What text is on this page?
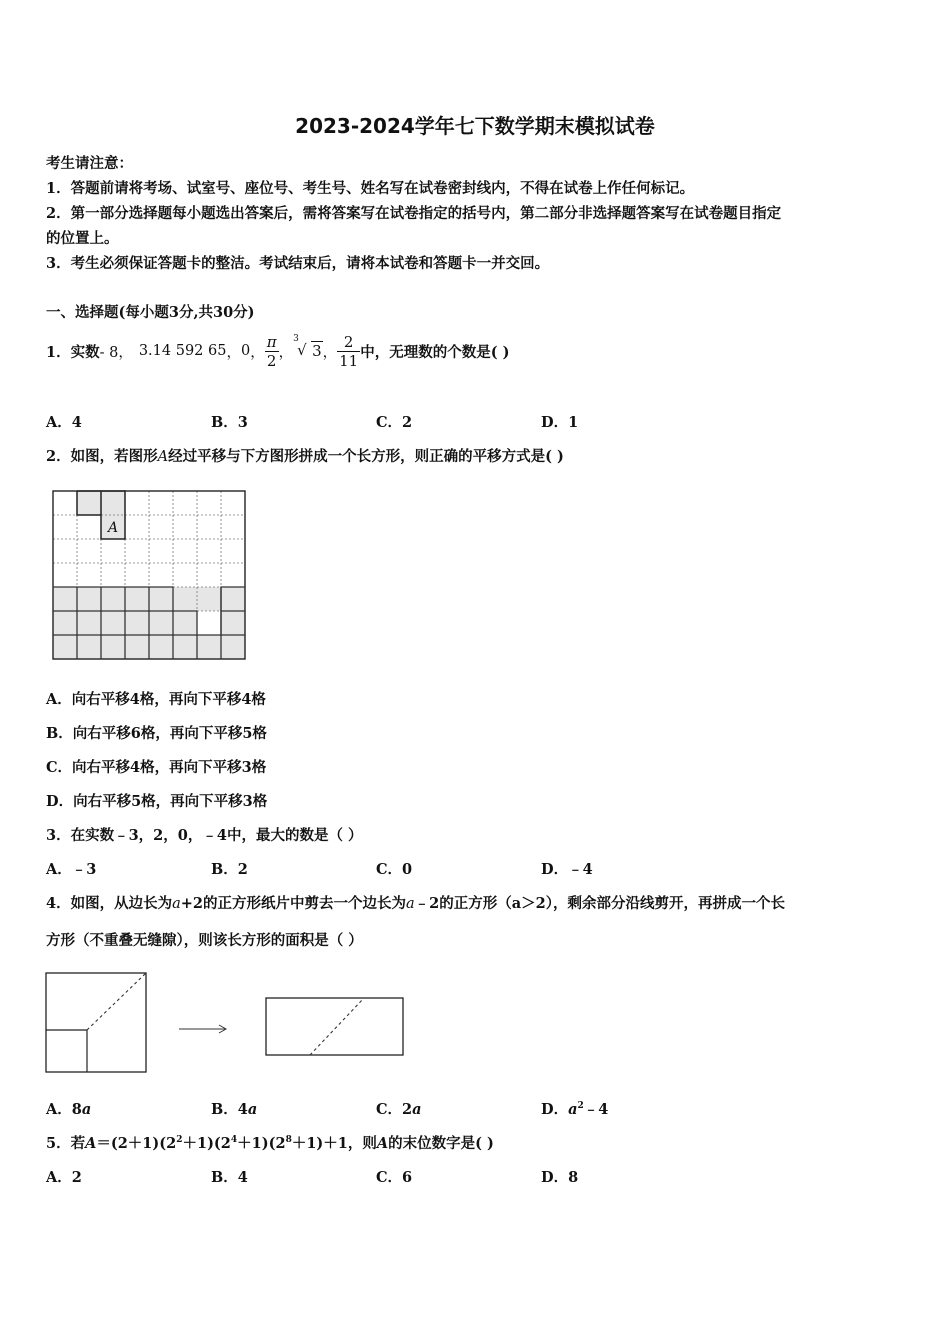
2023-2024学年七下数学期末模拟试卷
考生请注意：
1．答题前请将考场、试室号、座位号、考生号、姓名写在试卷密封线内，不得在试卷上作任何标记。
2．第一部分选择题每小题选出答案后，需将答案写在试卷指定的括号内，第二部分非选择题答案写在试卷题目指定
的位置上。
3．考生必须保证答题卡的整洁。考试结束后，请将本试卷和答题卡一并交回。
一、选择题(每小题3分,共30分)
1．实数 - 8， 3.14 592 65 ， 0 ， $\frac{\pi}{2}$ ，
3
√ 3 ， $\frac{2}{11}$ 中，无理数的个数是( )
A．4	B．3	C．2	D．1
2．如图，若图形A经过平移与下方图形拼成一个长方形，则正确的平移方式是( )
A
A．向右平移4格，再向下平移4格
B．向右平移6格，再向下平移5格
C．向右平移4格，再向下平移3格
D．向右平移5格，再向下平移3格
3．在实数﹣3，2，0，﹣4中，最大的数是（ ）
A．﹣3	B．2	C．0	D．﹣4
4．如图，从边长为a+2的正方形纸片中剪去一个边长为a﹣2的正方形（a＞2），剩余部分沿线剪开，再拼成一个长
方形（不重叠无缝隙），则该长方形的面积是（ ）
A．8a	B．4a	C．2a	D．$a^2﹣4$
5．若$A=(2+1)(2^2+1)(2^4+1)(2^8+1)+1$，则A的末位数字是( )
A．2	B．4	C．6	D．8
